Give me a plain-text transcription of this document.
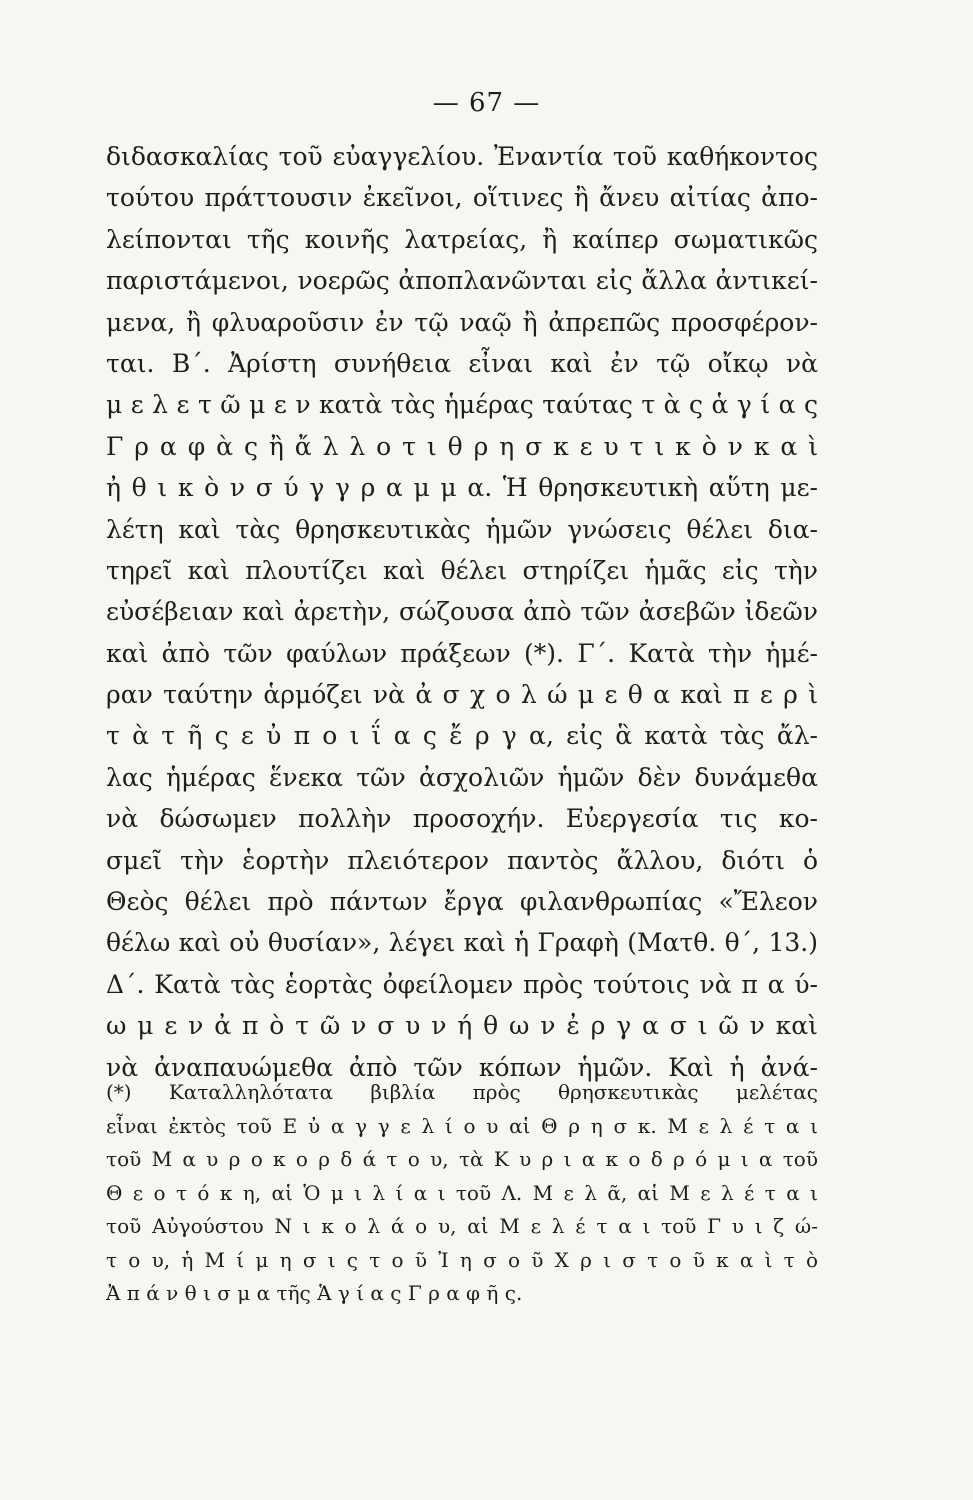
— 67 —
διδασκαλίας τοῦ εὐαγγελίου. Ἐναντία τοῦ καθήκοντος
τούτου πράττουσιν ἐκεῖνοι, οἵτινες ἢ ἄνευ αἰτίας ἀπο-
λείπονται τῆς κοινῆς λατρείας, ἢ καίπερ σωματικῶς
παριστάμενοι, νοερῶς ἀποπλανῶνται εἰς ἄλλα ἀντικεί-
μενα, ἢ φλυαροῦσιν ἐν τῷ ναῷ ἢ ἀπρεπῶς προσφέρον-
ται. Β΄. Ἀρίστη συνήθεια εἶναι καὶ ἐν τῷ οἴκῳ νὰ
μ ε λ ε τ ῶ μ ε ν κατὰ τὰς ἡμέρας ταύτας τ ὰ ς ἁ γ ί α ς
Γ ρ α φ ὰ ς ἢ ἄ λ λ ο τ ι θ ρ η σ κ ε υ τ ι κ ὸ ν κ α ὶ
ἠ θ ι κ ὸ ν σ ύ γ γ ρ α μ μ α. Ἡ θρησκευτικὴ αὕτη με-
λέτη καὶ τὰς θρησκευτικὰς ἡμῶν γνώσεις θέλει δια-
τηρεῖ καὶ πλουτίζει καὶ θέλει στηρίζει ἡμᾶς εἰς τὴν
εὐσέβειαν καὶ ἀρετὴν, σώζουσα ἀπὸ τῶν ἀσεβῶν ἰδεῶν
καὶ ἀπὸ τῶν φαύλων πράξεων (*). Γ΄. Κατὰ τὴν ἡμέ-
ραν ταύτην ἁρμόζει νὰ ἀ σ χ ο λ ώ μ ε θ α καὶ π ε ρ ὶ
τ ὰ τ ῆ ς ε ὐ π ο ι ΐ α ς ἔ ρ γ α, εἰς ἃ κατὰ τὰς ἄλ-
λας ἡμέρας ἕνεκα τῶν ἀσχολιῶν ἡμῶν δὲν δυνάμεθα
νὰ δώσωμεν πολλὴν προσοχήν. Εὐεργεσία τις κο-
σμεῖ τὴν ἑορτὴν πλειότερον παντὸς ἄλλου, διότι ὁ
Θεὸς θέλει πρὸ πάντων ἔργα φιλανθρωπίας «Ἔλεον
θέλω καὶ οὐ θυσίαν», λέγει καὶ ἡ Γραφὴ (Ματθ. θ΄, 13.)
Δ΄. Κατὰ τὰς ἑορτὰς ὀφείλομεν πρὸς τούτοις νὰ π α ύ-
ω μ ε ν ἀ π ὸ τ ῶ ν σ υ ν ή θ ω ν ἐ ρ γ α σ ι ῶ ν καὶ
νὰ ἀναπαυώμεθα ἀπὸ τῶν κόπων ἡμῶν. Καὶ ἡ ἀνά-
(*) Καταλληλότατα βιβλία πρὸς θρησκευτικὰς μελέτας
εἶναι ἐκτὸς τοῦ Ε ὐ α γ γ ε λ ί ο υ αἱ Θ ρ η σ κ. Μ ε λ έ τ α ι
τοῦ Μ α υ ρ ο κ ο ρ δ ά τ ο υ, τὰ Κ υ ρ ι α κ ο δ ρ ό μ ι α τοῦ
Θ ε ο τ ό κ η, αἱ Ὁ μ ι λ ί α ι τοῦ Λ. Μ ε λ ᾶ, αἱ Μ ε λ έ τ α ι
τοῦ Αὐγούστου Ν ι κ ο λ ά ο υ, αἱ Μ ε λ έ τ α ι τοῦ Γ υ ι ζ ώ-
τ ο υ, ἡ Μ ί μ η σ ι ς τ ο ῦ Ἰ η σ ο ῦ Χ ρ ι σ τ ο ῦ κ α ὶ τ ὸ
Ἀ π ά ν θ ι σ μ α τῆς Ἁ γ ί α ς Γ ρ α φ ῆ ς.
